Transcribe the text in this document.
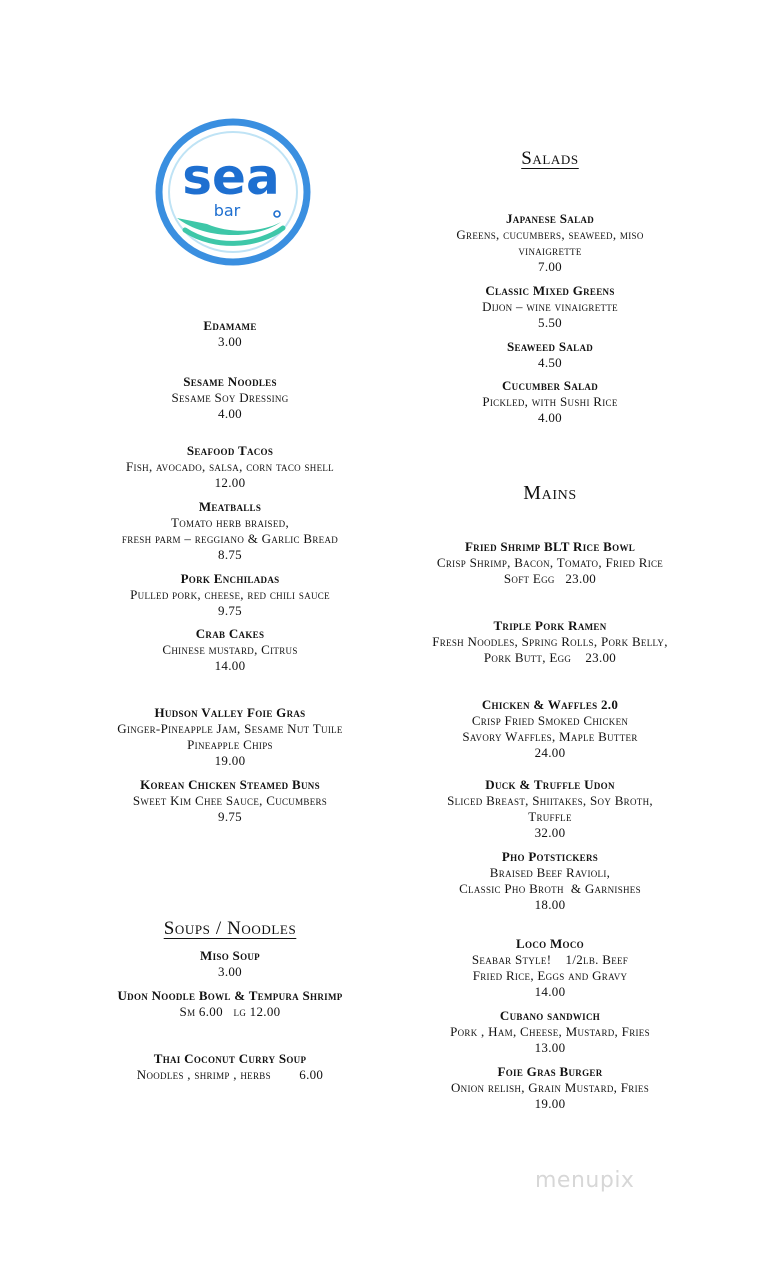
sea
bar
Edamame
3.00
Sesame Noodles
Sesame Soy Dressing
4.00
Seafood Tacos
Fish, avocado, salsa, corn taco shell
12.00
Meatballs
Tomato herb braised,
fresh parm – reggiano & Garlic Bread
8.75
Pork Enchiladas
Pulled pork, cheese, red chili sauce
9.75
Crab Cakes
Chinese mustard, Citrus
14.00
Hudson Valley Foie Gras
Ginger-Pineapple Jam, Sesame Nut Tuile
Pineapple Chips
19.00
Korean Chicken Steamed Buns
Sweet Kim Chee Sauce, Cucumbers
9.75
Soups / Noodles
Miso Soup
3.00
Udon Noodle Bowl & Tempura Shrimp
Sm 6.00   lg 12.00
Thai Coconut Curry Soup
Noodles , shrimp , herbs        6.00
Salads
Japanese Salad
Greens, cucumbers, seaweed, miso
vinaigrette
7.00
Classic Mixed Greens
Dijon – wine vinaigrette
5.50
Seaweed Salad
4.50
Cucumber Salad
Pickled, with Sushi Rice
4.00
Mains
Fried Shrimp BLT Rice Bowl
Crisp Shrimp, Bacon, Tomato, Fried Rice
Soft Egg   23.00
Triple Pork Ramen
Fresh Noodles, Spring Rolls, Pork Belly,
Pork Butt, Egg    23.00
Chicken & Waffles 2.0
Crisp Fried Smoked Chicken
Savory Waffles, Maple Butter
24.00
Duck & Truffle Udon
Sliced Breast, Shiitakes, Soy Broth,
Truffle
32.00
Pho Potstickers
Braised Beef Ravioli,
Classic Pho Broth  & Garnishes
18.00
Loco Moco
Seabar Style!    1/2lb. Beef
Fried Rice, Eggs and Gravy
14.00
Cubano sandwich
Pork , Ham, Cheese, Mustard, Fries
13.00
Foie Gras Burger
Onion relish, Grain Mustard, Fries
19.00
menupix
